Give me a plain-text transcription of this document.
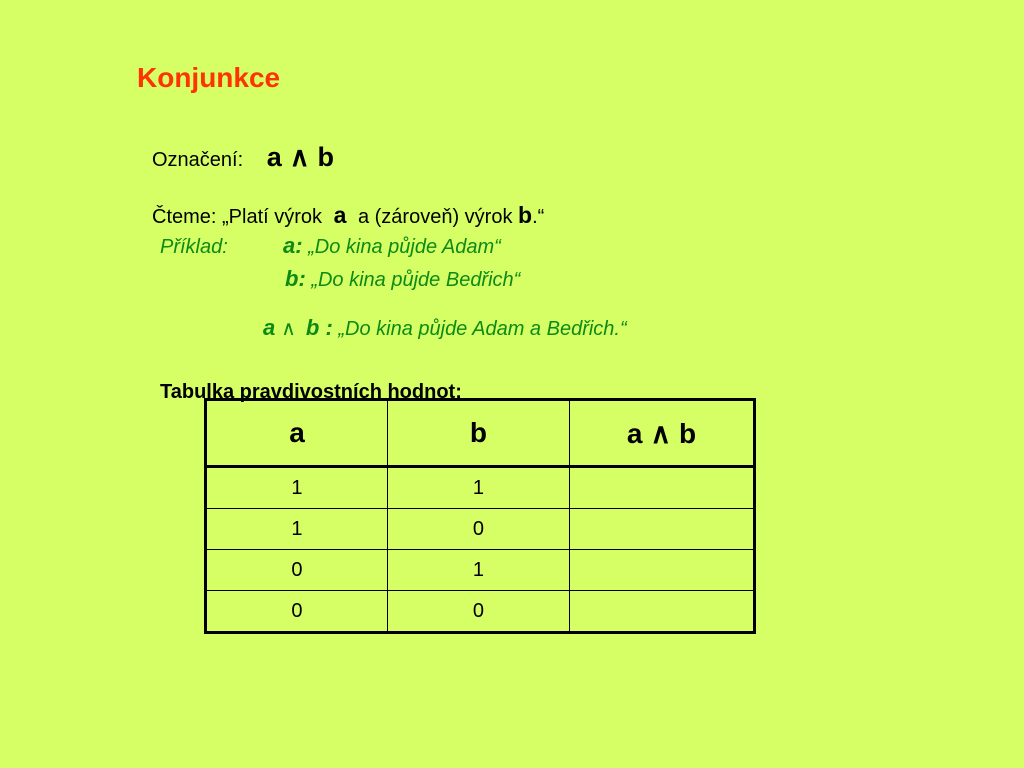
Konjunkce
Označení: a ∧ b
Čteme: „Platí výrok a a (zároveň) výrok b.“
Příklad:	a: „Do kina půjde Adam“
b: „Do kina půjde Bedřich“
a ∧ b : „Do kina půjde Adam a Bedřich.“
Tabulka pravdivostních hodnot:
a	b	a ∧ b
1	1	
1	0	
0	1	
0	0	
